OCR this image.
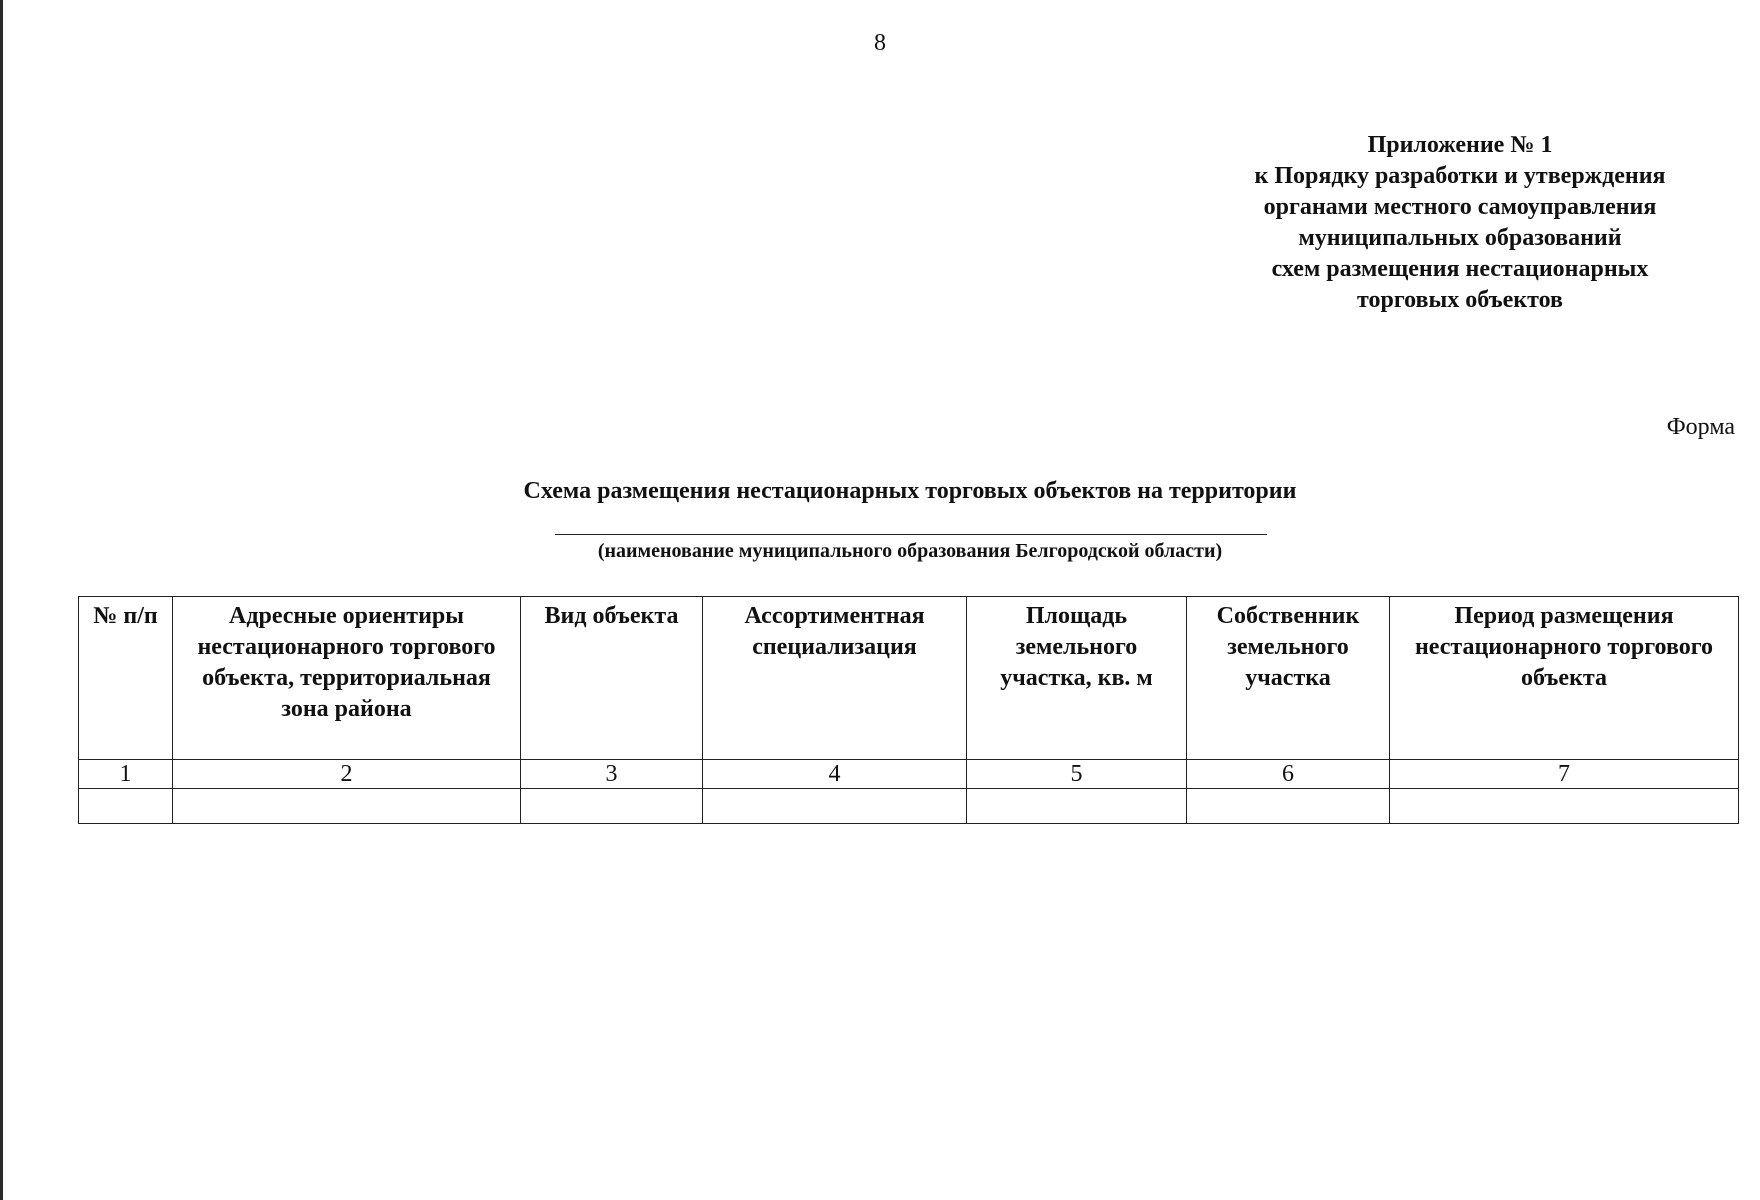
8
Приложение № 1
к Порядку разработки и утверждения
органами местного самоуправления
муниципальных образований
схем размещения нестационарных
торговых объектов
Форма
Схема размещения нестационарных торговых объектов на территории
(наименование муниципального образования Белгородской области)
№ п/п	Адресные ориентиры нестационарного торгового объекта, территориальная зона района	Вид объекта	Ассортиментная специализация	Площадь земельного участка, кв. м	Собственник земельного участка	Период размещения нестационарного торгового объекта
1	2	3	4	5	6	7
